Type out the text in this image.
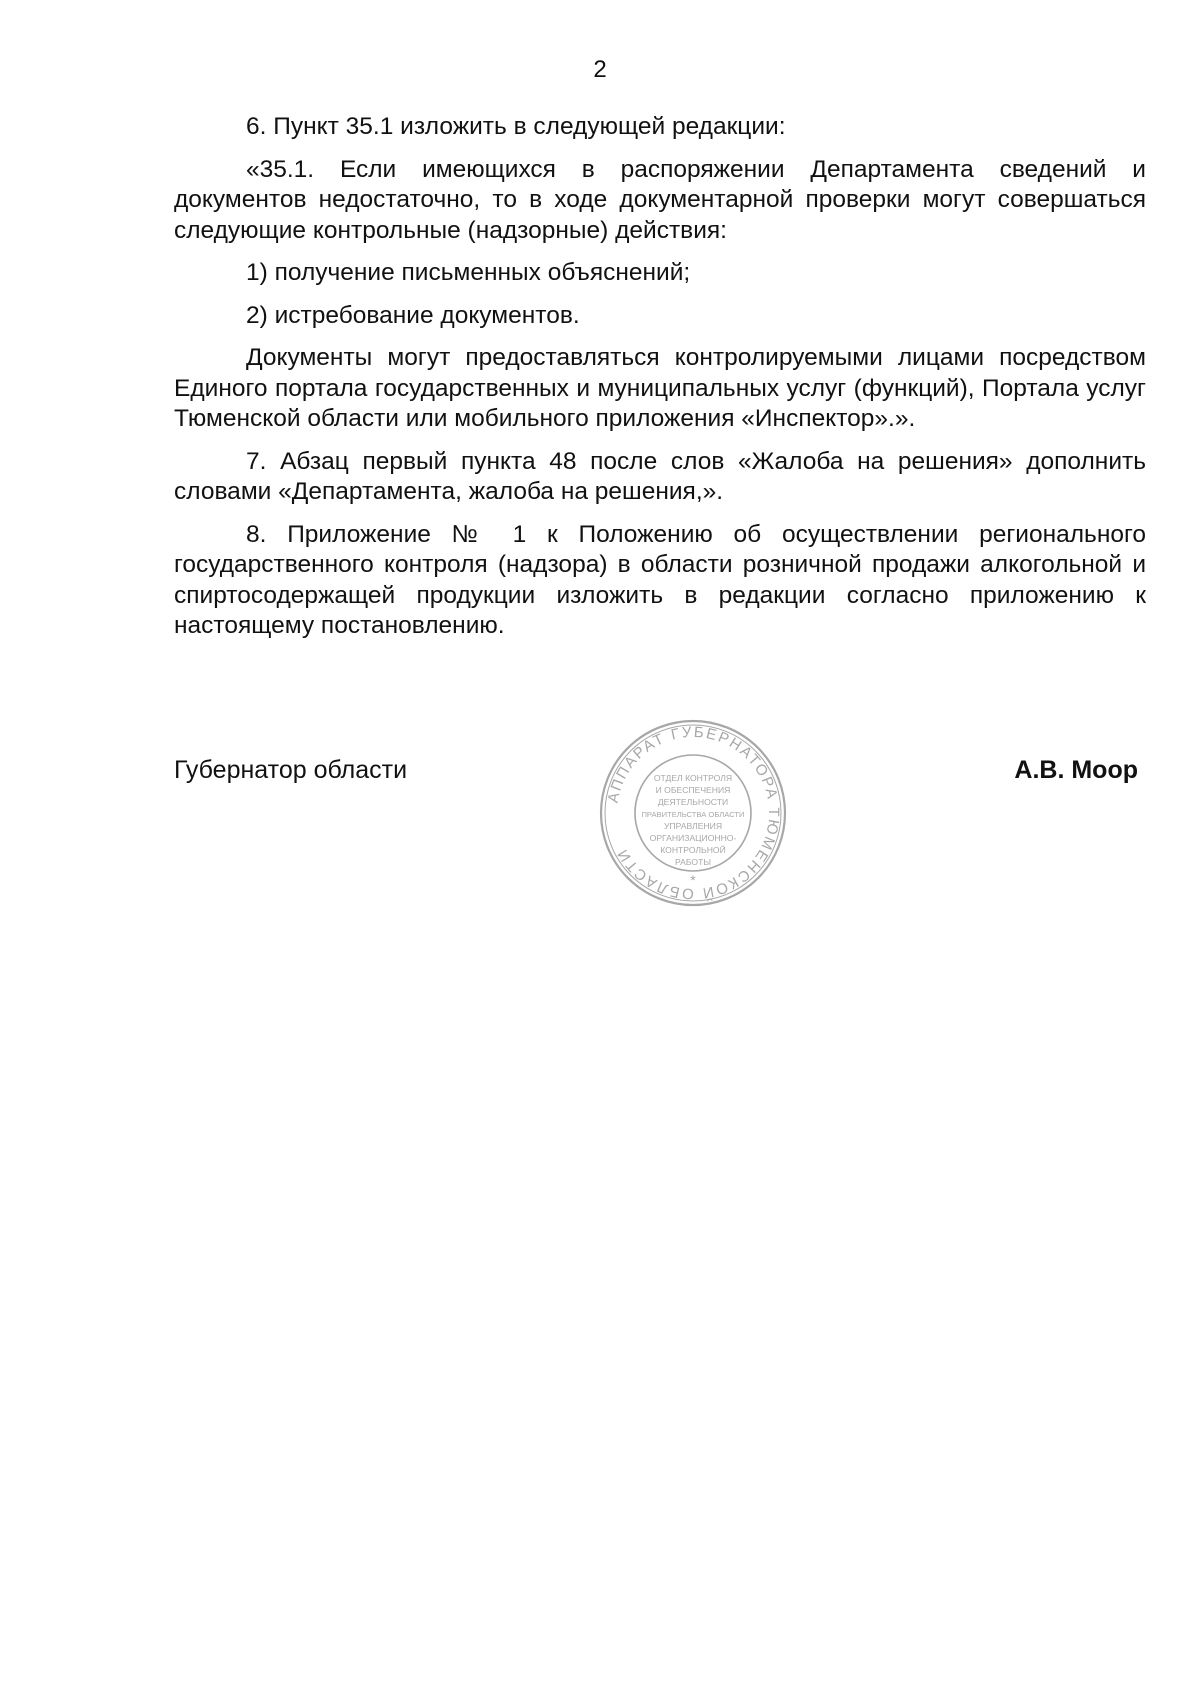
2

6. Пункт 35.1 изложить в следующей редакции:

«35.1. Если имеющихся в распоряжении Департамента сведений и документов недостаточно, то в ходе документарной проверки могут совершаться следующие контрольные (надзорные) действия:

1) получение письменных объяснений;

2) истребование документов.

Документы могут предоставляться контролируемыми лицами посредством Единого портала государственных и муниципальных услуг (функций), Портала услуг Тюменской области или мобильного приложения «Инспектор».».

7. Абзац первый пункта 48 после слов «Жалоба на решения» дополнить словами «Департамента, жалоба на решения,».

8. Приложение № 1 к Положению об осуществлении регионального государственного контроля (надзора) в области розничной продажи алкогольной и спиртосодержащей продукции изложить в редакции согласно приложению к настоящему постановлению.

Губернатор области	А.В. Моор
АППАРАТ ГУБЕРНАТОРА ТЮМЕНСКОЙ ОБЛАСТИ
*
ОТДЕЛ КОНТРОЛЯ
И ОБЕСПЕЧЕНИЯ
ДЕЯТЕЛЬНОСТИ
ПРАВИТЕЛЬСТВА ОБЛАСТИ
УПРАВЛЕНИЯ
ОРГАНИЗАЦИОННО-
КОНТРОЛЬНОЙ
РАБОТЫ
